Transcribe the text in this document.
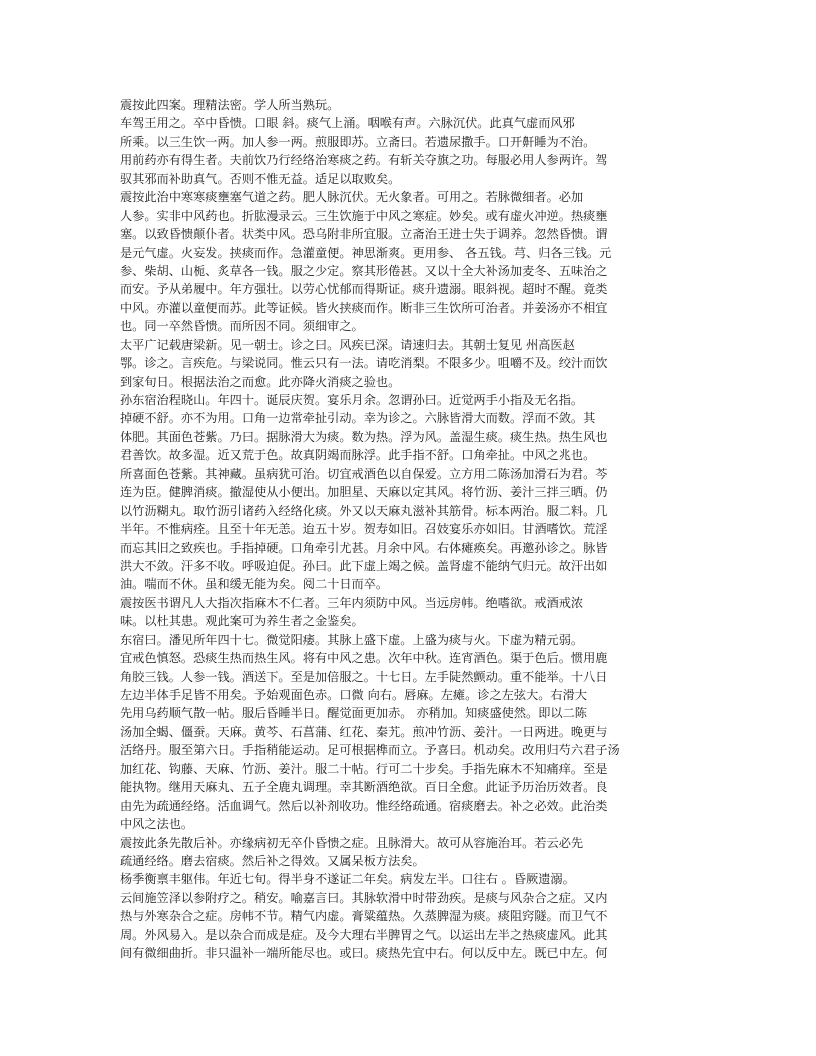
震按此四案。理精法密。学人所当熟玩。
车驾王用之。卒中昏愦。口眼 斜。痰气上涌。咽喉有声。六脉沉伏。此真气虚而风邪
所乘。以三生饮一两。加人参一两。煎服即苏。立斋曰。若遗尿撒手。口开鼾睡为不治。
用前药亦有得生者。夫前饮乃行经络治寒痰之药。有斩关夺旗之功。每服必用人参两许。驾
驭其邪而补助真气。否则不惟无益。适足以取败矣。
震按此治中寒寒痰壅塞气道之药。肥人脉沉伏。无火象者。可用之。若脉微细者。必加
人参。实非中风药也。折肱漫录云。三生饮施于中风之寒症。妙矣。或有虚火冲逆。热痰壅
塞。以致昏愦颠仆者。状类中风。恐乌附非所宜服。立斋治王进士失于调养。忽然昏愦。谓
是元气虚。火妄发。挟痰而作。急灌童便。神思渐爽。更用参、 各五钱。芎、归各三钱。元
参、柴胡、山栀、炙草各一钱。服之少定。察其形倦甚。又以十全大补汤加麦冬、五味治之
而安。予从弟履中。年方强壮。以劳心忧郁而得斯证。痰升遗溺。眼斜视。超时不醒。竟类
中风。亦灌以童便而苏。此等证候。皆火挟痰而作。断非三生饮所可治者。并姜汤亦不相宜
也。同一卒然昏愦。而所因不同。须细审之。
太平广记载唐梁新。见一朝士。诊之曰。风疾已深。请速归去。其朝士复见 州高医赵
鄂。诊之。言疾危。与梁说同。惟云只有一法。请吃消梨。不限多少。咀嚼不及。绞汁而饮
到家旬日。根据法治之而愈。此亦降火消痰之验也。
孙东宿治程晓山。年四十。诞辰庆贺。宴乐月余。忽谓孙曰。近觉两手小指及无名指。
掉硬不舒。亦不为用。口角一边常牵扯引动。幸为诊之。六脉皆滑大而数。浮而不敛。其
体肥。其面色苍紫。乃曰。据脉滑大为痰。数为热。浮为风。盖湿生痰。痰生热。热生风也
君善饮。故多湿。近又荒于色。故真阴竭而脉浮。此手指不舒。口角牵扯。中风之兆也。
所喜面色苍紫。其神藏。虽病犹可治。切宜戒酒色以自保爱。立方用二陈汤加滑石为君。芩
连为臣。健脾消痰。撤湿使从小便出。加胆星、天麻以定其风。将竹沥、姜汁三拌三晒。仍
以竹沥糊丸。取竹沥引诸药入经络化痰。外又以天麻丸滋补其筋骨。标本两治。服二料。几
半年。不惟病痊。且至十年无恙。迨五十岁。贺寿如旧。召妓宴乐亦如旧。甘酒嗜饮。荒淫
而忘其旧之致疾也。手指掉硬。口角牵引尤甚。月余中风。右体瘫痪矣。再邀孙诊之。脉皆
洪大不敛。汗多不收。呼吸迫促。孙曰。此下虚上竭之候。盖肾虚不能纳气归元。故汗出如
油。喘而不休。虽和缓无能为矣。阅二十日而卒。
震按医书谓凡人大指次指麻木不仁者。三年内须防中风。当远房帏。绝嗜欲。戒酒戒浓
味。以杜其患。观此案可为养生者之金鉴矣。
东宿曰。潘见所年四十七。微觉阳痿。其脉上盛下虚。上盛为痰与火。下虚为精元弱。
宜戒色慎怒。恐痰生热而热生风。将有中风之患。次年中秋。连宵酒色。渠于色后。惯用鹿
角胶三钱。人参一钱。酒送下。至是加倍服之。十七日。左手陡然颤动。重不能举。十八日
左边半体手足皆不用矣。予始观面色赤。口微 向右。唇麻。左瘫。诊之左弦大。右滑大
先用乌药顺气散一帖。服后昏睡半日。醒觉面更加赤。 亦稍加。知痰盛使然。即以二陈
汤加全蝎、僵蚕。天麻。黄芩、石菖蒲、红花、秦艽。煎冲竹沥、姜汁。一日两进。晚更与
活络丹。服至第六日。手指稍能运动。足可根据榫而立。予喜曰。机动矣。改用归芍六君子汤
加红花、钩藤、天麻、竹沥、姜汁。服二十帖。行可二十步矣。手指先麻木不知痛痒。至是
能执物。继用天麻丸、五子全鹿丸调理。幸其断酒绝欲。百日全愈。此证予历治历效者。良
由先为疏通经络。活血调气。然后以补剂收功。惟经络疏通。宿痰磨去。补之必效。此治类
中风之法也。
震按此条先散后补。亦缘病初无卒仆昏愦之症。且脉滑大。故可从容施治耳。若云必先
疏通经络。磨去宿痰。然后补之得效。又属呆板方法矣。
杨季衡禀丰躯伟。年近七旬。得半身不遂证二年矣。病发左半。口往右 。昏厥遗溺。
云间施笠泽以参附疗之。稍安。喻嘉言曰。其脉软滑中时带劲疾。是痰与风杂合之症。又内
热与外寒杂合之症。房帏不节。精气内虚。膏粱蕴热。久蒸脾湿为痰。痰阻窍隧。而卫气不
周。外风易入。是以杂合而成是症。及今大理右半脾胃之气。以运出左半之热痰虚风。此其
间有微细曲折。非只温补一端所能尽也。或曰。痰热先宜中右。何以反中左。既已中左。何
